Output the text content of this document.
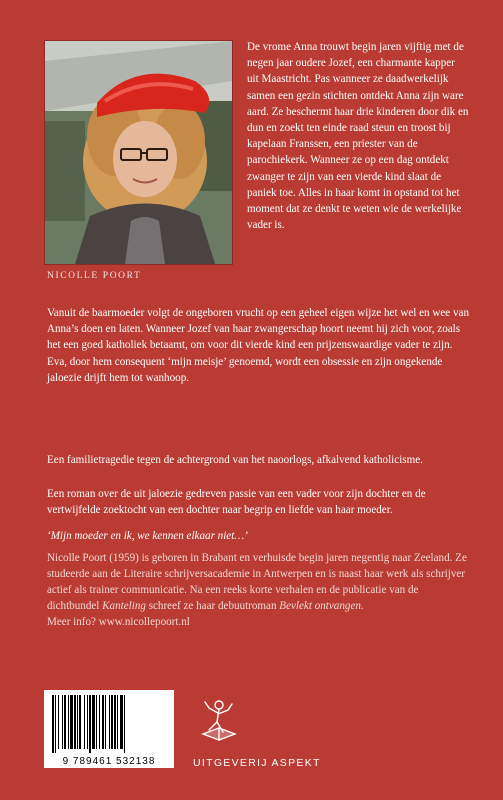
NICOLLE POORT

De vrome Anna trouwt begin jaren vijftig met de negen jaar oudere Jozef, een charmante kapper uit Maastricht. Pas wanneer ze daadwerkelijk samen een gezin stichten ontdekt Anna zijn ware aard. Ze beschermt haar drie kinderen door dik en dun en zoekt ten einde raad steun en troost bij kapelaan Franssen, een priester van de parochiekerk. Wanneer ze op een dag ontdekt zwanger te zijn van een vierde kind slaat de paniek toe. Alles in haar komt in opstand tot het moment dat ze denkt te weten wie de werkelijke vader is.

Vanuit de baarmoeder volgt de ongeboren vrucht op een geheel eigen wijze het wel en wee van Anna’s doen en laten. Wanneer Jozef van haar zwangerschap hoort neemt hij zich voor, zoals het een goed katholiek betaamt, om voor dit vierde kind een prijzenswaardige vader te zijn. Eva, door hem consequent ‘mijn meisje’ genoemd, wordt een obsessie en zijn ongekende jaloezie drijft hem tot wanhoop.

Een familietragedie tegen de achtergrond van het naoorlogs, afkalvend katholicisme.

Een roman over de uit jaloezie gedreven passie van een vader voor zijn dochter en de vertwijfelde zoektocht van een dochter naar begrip en liefde van haar moeder.

‘Mijn moeder en ik, we kennen elkaar niet…’

Nicolle Poort (1959) is geboren in Brabant en verhuisde begin jaren negentig naar Zeeland. Ze studeerde aan de Literaire schrijversacademie in Antwerpen en is naast haar werk als schrijver actief als trainer communicatie. Na een reeks korte verhalen en de publicatie van de dichtbundel Kanteling schreef ze haar debuutroman Bevlekt ontvangen.
Meer info? www.nicollepoort.nl

9 789461 532138	UITGEVERIJ ASPEKT
